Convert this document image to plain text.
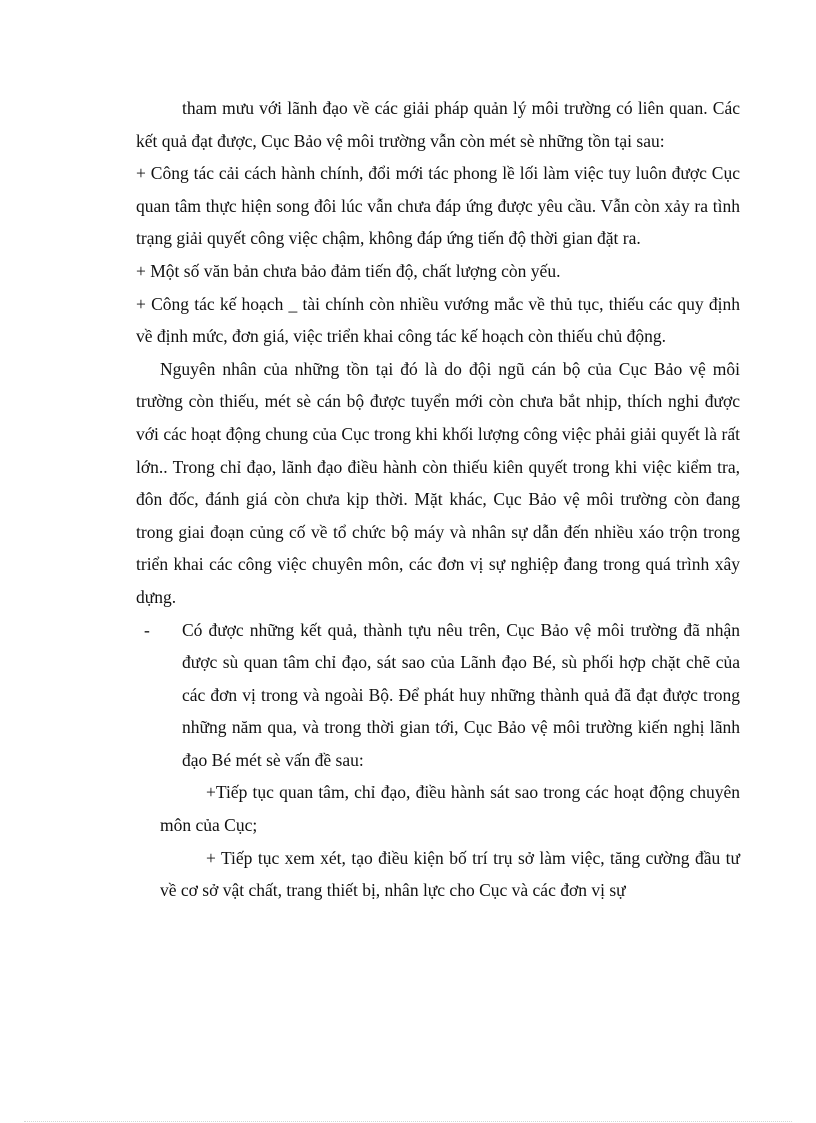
tham mưu với lãnh đạo về các giải pháp quản lý môi trường có liên quan. Các kết quả đạt được, Cục Bảo vệ môi trường vẫn còn mét sè những tồn tại sau:

+ Công tác cải cách hành chính, đổi mới tác phong lề lối làm việc tuy luôn được Cục quan tâm thực hiện song đôi lúc vẫn chưa đáp ứng được yêu cầu. Vẫn còn xảy ra tình trạng giải quyết công việc chậm, không đáp ứng tiến độ thời gian đặt ra.

+ Một số văn bản chưa bảo đảm tiến độ, chất lượng còn yếu.

+ Công tác kế hoạch _ tài chính còn nhiều vướng mắc về thủ tục, thiếu các quy định về định mức, đơn giá, việc triển khai công tác kế hoạch còn thiếu chủ động.

Nguyên nhân của những tồn tại đó là do đội ngũ cán bộ của Cục Bảo vệ môi trường còn thiếu, mét sè cán bộ được tuyển mới còn chưa bắt nhịp, thích nghi được với các hoạt động chung của Cục trong khi khối lượng công việc phải giải quyết là rất lớn.. Trong chỉ đạo, lãnh đạo điều hành còn thiếu kiên quyết trong khi việc kiểm tra, đôn đốc, đánh giá còn chưa kịp thời. Mặt khác, Cục Bảo vệ môi trường còn đang trong giai đoạn củng cố về tổ chức bộ máy và nhân sự dẫn đến nhiều xáo trộn trong triển khai các công việc chuyên môn, các đơn vị sự nghiệp đang trong quá trình xây dựng.

- Có được những kết quả, thành tựu nêu trên, Cục Bảo vệ môi trường đã nhận được sù quan tâm chỉ đạo, sát sao của Lãnh đạo Bé, sù phối hợp chặt chẽ của các đơn vị trong và ngoài Bộ. Để phát huy những thành quả đã đạt được trong những năm qua, và trong thời gian tới, Cục Bảo vệ môi trường kiến nghị lãnh đạo Bé mét sè vấn đề sau:

+Tiếp tục quan tâm, chỉ đạo, điều hành sát sao trong các hoạt động chuyên môn của Cục;

+ Tiếp tục xem xét, tạo điều kiện bố trí trụ sở làm việc, tăng cường đầu tư về cơ sở vật chất, trang thiết bị, nhân lực cho Cục và các đơn vị sự
